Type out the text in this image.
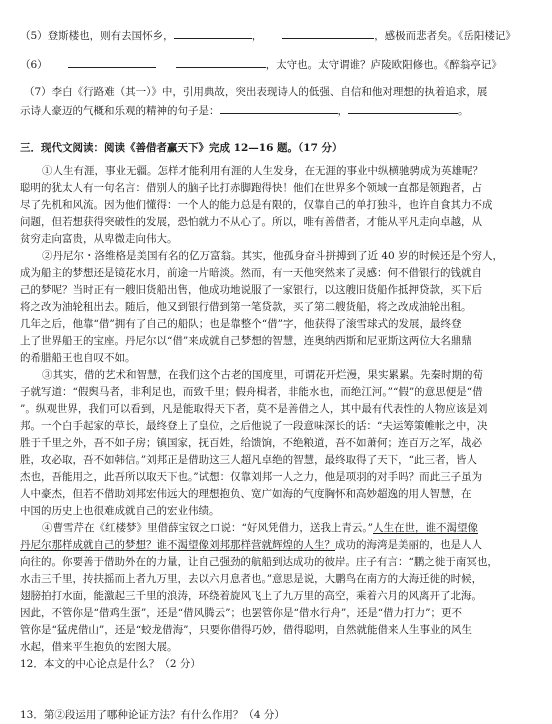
（5）登斯楼也，则有去国怀乡，	，	，感极而悲者矣。《岳阳楼记》
（6）	，太守也。太守谓谁？庐陵欧阳修也。《醉翁亭记》
（7）李白《行路难（其一）》中，引用典故，突出表现诗人的低强、自信和他对理想的执着追求，展
示诗人豪迈的气概和乐观的精神的句子是：	，	。
三．现代文阅读：阅读《善借者赢天下》完成 12—16 题。（17 分）
①人生有涯，事业无疆。怎样才能利用有涯的人生发身，在无涯的事业中纵横驰骋成为英雄呢？
聪明的犹太人有一句名言：借别人的脑子比打赤脚跑得快！他们在世界多个领域一直都是领跑者，占
尽了先机和风流。因为他们懂得：一个人的能力总是有限的，仅靠自己的单打独斗，也许自食其力不成
问题，但若想获得突破性的发展，恐怕就力不从心了。所以，唯有善借者，才能从平凡走向卓越，从
贫穷走向富贵，从卑微走向伟大。
②丹尼尔・洛维格是美国有名的亿万富翁。其实，他孤身奋斗拼搏到了近 40 岁的时候还是个穷人，
成为船主的梦想还是镜花水月，前途一片暗淡。然而，有一天他突然来了灵感：何不借银行的钱就自
己的梦呢？当时正有一艘旧货船出售，他成功地说服了一家银行，以这艘旧货船作抵押贷款，买下后
将之改为油轮租出去。随后，他又到银行借到第一笔贷款，买了第二艘货船，将之改成油轮出租。
几年之后，他靠“借”拥有了自己的船队；也是靠整个“借”字，他获得了滚雪球式的发展，最终登
上了世界船王的宝座。丹尼尔以“借”来成就自己梦想的智慧，连奥纳西斯和尼亚斯这两位大名鼎鼎
的希腊船王也自叹不如。
③其实，借的艺术和智慧，在我们这个古老的国度里，可谓花开烂漫，果实累累。先秦时期的荀
子就写道：“假舆马者，非利足也，而致千里；假舟楫者，非能水也，而绝江河。”“假”的意思便是“借
”。纵观世界，我们可以看到，凡是能取得天下者，莫不是善借之人，其中最有代表性的人物应该是刘
邦。一个白手起家的草长，最终登上了皇位，之后他说了一段意味深长的话：“夫运筹策帷帐之中，决
胜于千里之外，吾不如子房；镇国家，抚百姓，给馈饷，不绝粮道，吾不如萧何；连百万之军，战必
胜，攻必取，吾不如韩信。”刘邦正是借助这三人超凡卓绝的智慧，最终取得了天下，“此三者，皆人
杰也，吾能用之，此吾所以取天下也。”试想：仅靠刘邦一人之力，他是项羽的对手吗？而此三子虽为
人中豪杰，但若不借助刘邦宏伟远大的理想抱负、宽广如海的气度胸怀和高妙超逸的用人智慧，在
中国的历史上也很难成就自己的宏业伟绩。
④曹雪芹在《红楼梦》里借薛宝钗之口说：“好风凭借力，送我上青云。”人生在世，谁不渴望像
丹尼尔那样成就自己的梦想？谁不渴望像刘邦那样营就辉煌的人生？成功的海湾是美丽的，也是人人
向往的。你要善于借助外在的力量，让自己强劲的航船到达成功的彼岸。庄子有言：“鹏之徙于南冥也，
水击三千里，抟扶摇而上者九万里，去以六月息者也。”意思是说，大鹏鸟在南方的大海迁徙的时候，
翅膀拍打水面，能激起三千里的浪涛，环绕着旋风飞上了九万里的高空，乘着六月的风离开了北海。
因此，不管你是“借鸡生蛋”，还是“借风腾云”；也罢管你是“借水行舟”，还是“借力打力”；更不
管你是“猛虎借山”，还是“蛟龙借海”，只要你借得巧妙，借得聪明，自然就能借来人生事业的风生
水起，借来平生抱负的宏图大展。
12．本文的中心论点是什么？（2 分）
13．第②段运用了哪种论证方法？有什么作用？（4 分）
